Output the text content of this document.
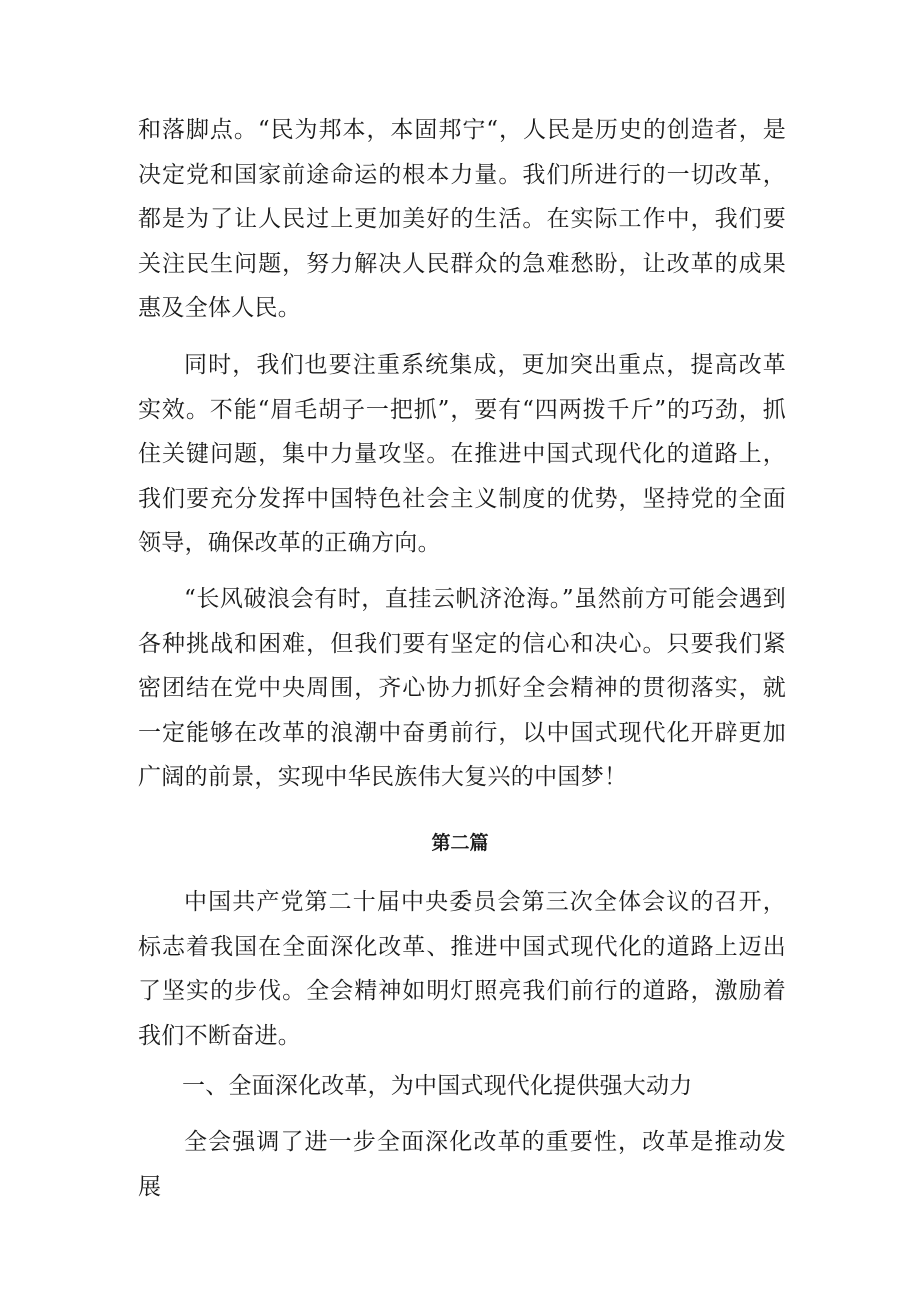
和落脚点。“民为邦本，本固邦宁“，人民是历史的创造者，是决定党和国家前途命运的根本力量。我们所进行的一切改革，都是为了让人民过上更加美好的生活。在实际工作中，我们要关注民生问题，努力解决人民群众的急难愁盼，让改革的成果惠及全体人民。

同时，我们也要注重系统集成，更加突出重点，提高改革实效。不能“眉毛胡子一把抓”，要有“四两拨千斤”的巧劲，抓住关键问题，集中力量攻坚。在推进中国式现代化的道路上，我们要充分发挥中国特色社会主义制度的优势，坚持党的全面领导，确保改革的正确方向。

“长风破浪会有时，直挂云帆济沧海。”虽然前方可能会遇到各种挑战和困难，但我们要有坚定的信心和决心。只要我们紧密团结在党中央周围，齐心协力抓好全会精神的贯彻落实，就一定能够在改革的浪潮中奋勇前行，以中国式现代化开辟更加广阔的前景，实现中华民族伟大复兴的中国梦！

第二篇

中国共产党第二十届中央委员会第三次全体会议的召开，标志着我国在全面深化改革、推进中国式现代化的道路上迈出了坚实的步伐。全会精神如明灯照亮我们前行的道路，激励着我们不断奋进。

一、全面深化改革，为中国式现代化提供强大动力

全会强调了进一步全面深化改革的重要性，改革是推动发展
